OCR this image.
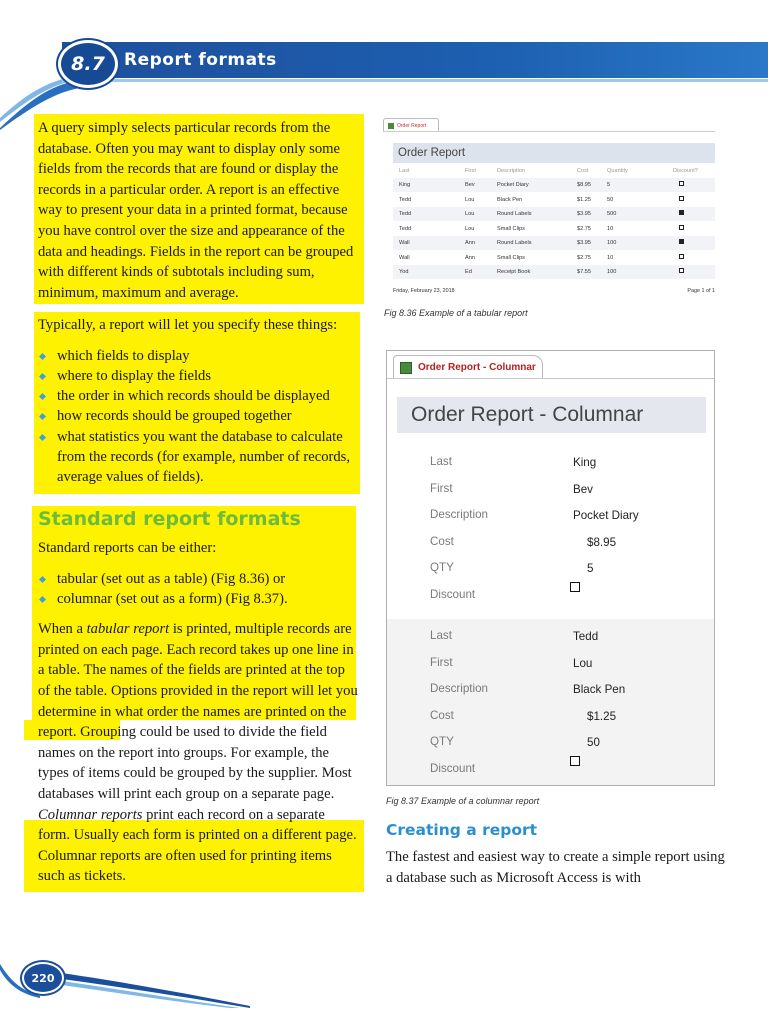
8.7	Report formats

A query simply selects particular records from the database. Often you may want to display only some fields from the records that are found or display the records in a particular order. A report is an effective way to present your data in a printed format, because you have control over the size and appearance of the data and headings. Fields in the report can be grouped with different kinds of subtotals including sum, minimum, maximum and average.

Typically, a report will let you specify these things:

which fields to display
where to display the fields
the order in which records should be displayed
how records should be grouped together
what statistics you want the database to calculate from the records (for example, number of records, average values of fields).
Standard report formats

Standard reports can be either:

tabular (set out as a table) (Fig 8.36) or
columnar (set out as a form) (Fig 8.37).

When a tabular report is printed, multiple records are printed on each page. Each record takes up one line in a table. The names of the fields are printed at the top of the table. Options provided in the report will let you determine in what order the names are printed on the report. Grouping could be used to divide the field names on the report into groups. For example, the types of items could be grouped by the supplier. Most databases will print each group on a separate page. Columnar reports print each record on a separate form. Usually each form is printed on a different page. Columnar reports are often used for printing items such as tickets.

Order Report
Order Report
Last	First	Description	Cost	Quantity	Discount?
King	Bev	Pocket Diary	$8.95	5
Tedd	Lou	Black Pen	$1.25	50
Tedd	Lou	Round Labels	$3.95	500
Tedd	Lou	Small Clips	$2.75	10
Wall	Ann	Round Labels	$3.95	100
Wall	Ann	Small Clips	$2.75	10
Yod	Ed	Receipt Book	$7.55	100
Friday, February 23, 2018	Page 1 of 1
Fig 8.36 Example of a tabular report
Order Report - Columnar
Order Report - Columnar
Last	King
First	Bev
Description	Pocket Diary
Cost	$8.95
QTY	5
Discount
Last	Tedd
First	Lou
Description	Black Pen
Cost	$1.25
QTY	50
Discount
Fig 8.37 Example of a columnar report
Creating a report

The fastest and easiest way to create a simple report using a database such as Microsoft Access is with

220
